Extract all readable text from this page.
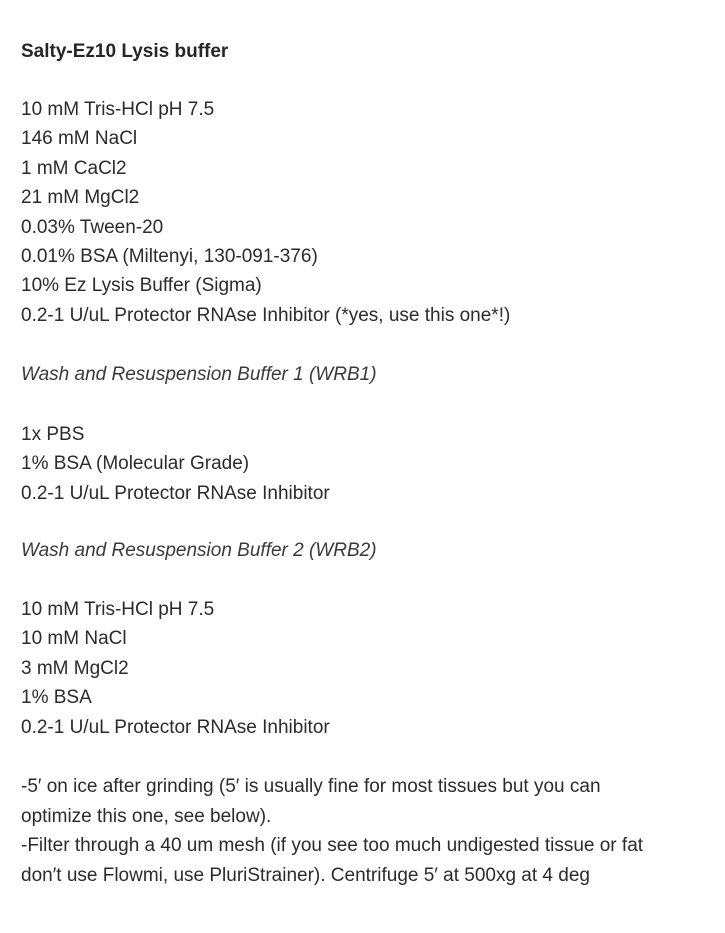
Salty-Ez10 Lysis buffer
10 mM Tris-HCl pH 7.5
146 mM NaCl
1 mM CaCl2
21 mM MgCl2
0.03% Tween-20
0.01% BSA (Miltenyi, 130-091-376)
10% Ez Lysis Buffer (Sigma)
0.2-1 U/uL Protector RNAse Inhibitor (*yes, use this one*!)
Wash and Resuspension Buffer 1 (WRB1)
1x PBS
1% BSA (Molecular Grade)
0.2-1 U/uL Protector RNAse Inhibitor
Wash and Resuspension Buffer 2 (WRB2)
10 mM Tris-HCl pH 7.5
10 mM NaCl
3 mM MgCl2
1% BSA
0.2-1 U/uL Protector RNAse Inhibitor
-5′ on ice after grinding (5′ is usually fine for most tissues but you can
optimize this one, see below).
-Filter through a 40 um mesh (if you see too much undigested tissue or fat
don′t use Flowmi, use PluriStrainer). Centrifuge 5′ at 500xg at 4 deg
